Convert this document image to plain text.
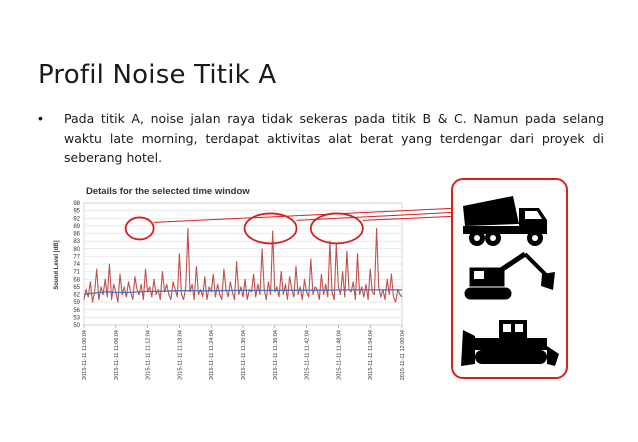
Profil Noise Titik A
• Pada titik A, noise jalan raya tidak sekeras pada titik B & C. Namun pada selang waktu late morning, terdapat aktivitas alat berat yang terdengar dari proyek di seberang hotel.
Details for the selected time window
Sound Level [dB]
50
53
56
59
62
65
68
71
74
77
80
83
86
89
92
95
98
2015-11-11 11:00:04	2015-11-11 11:06:04	2015-11-11 11:12:04	2015-11-11 11:18:04	2015-11-11 11:24:04	2015-11-11 11:30:04	2015-11-11 11:36:04	2015-11-11 11:42:04	2015-11-11 11:48:04	2015-11-11 11:54:04	2015-11-11 12:00:04
